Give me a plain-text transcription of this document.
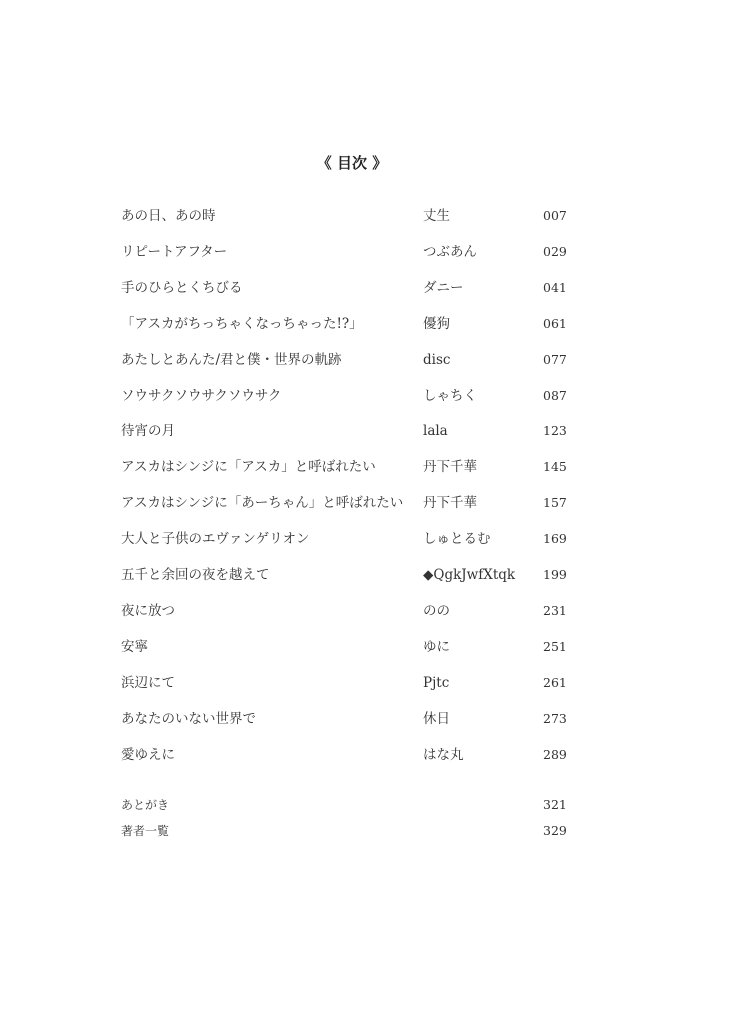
《 目次 》
あの日、あの時	丈生	007
リピートアフター	つぶあん	029
手のひらとくちびる	ダニー	041
「アスカがちっちゃくなっちゃった!?」	優狗	061
あたしとあんた/君と僕・世界の軌跡	disc	077
ソウサクソウサクソウサク	しゃちく	087
待宵の月	lala	123
アスカはシンジに「アスカ」と呼ばれたい	丹下千華	145
アスカはシンジに「あーちゃん」と呼ばれたい 丹下千華	157
大人と子供のエヴァンゲリオン	しゅとるむ	169
五千と余回の夜を越えて	◆QgkJwfXtqk 199
夜に放つ	のの	231
安寧	ゆに	251
浜辺にて	Pjtc	261
あなたのいない世界で	休日	273
愛ゆえに	はな丸	289
あとがき	321
著者一覧	329
